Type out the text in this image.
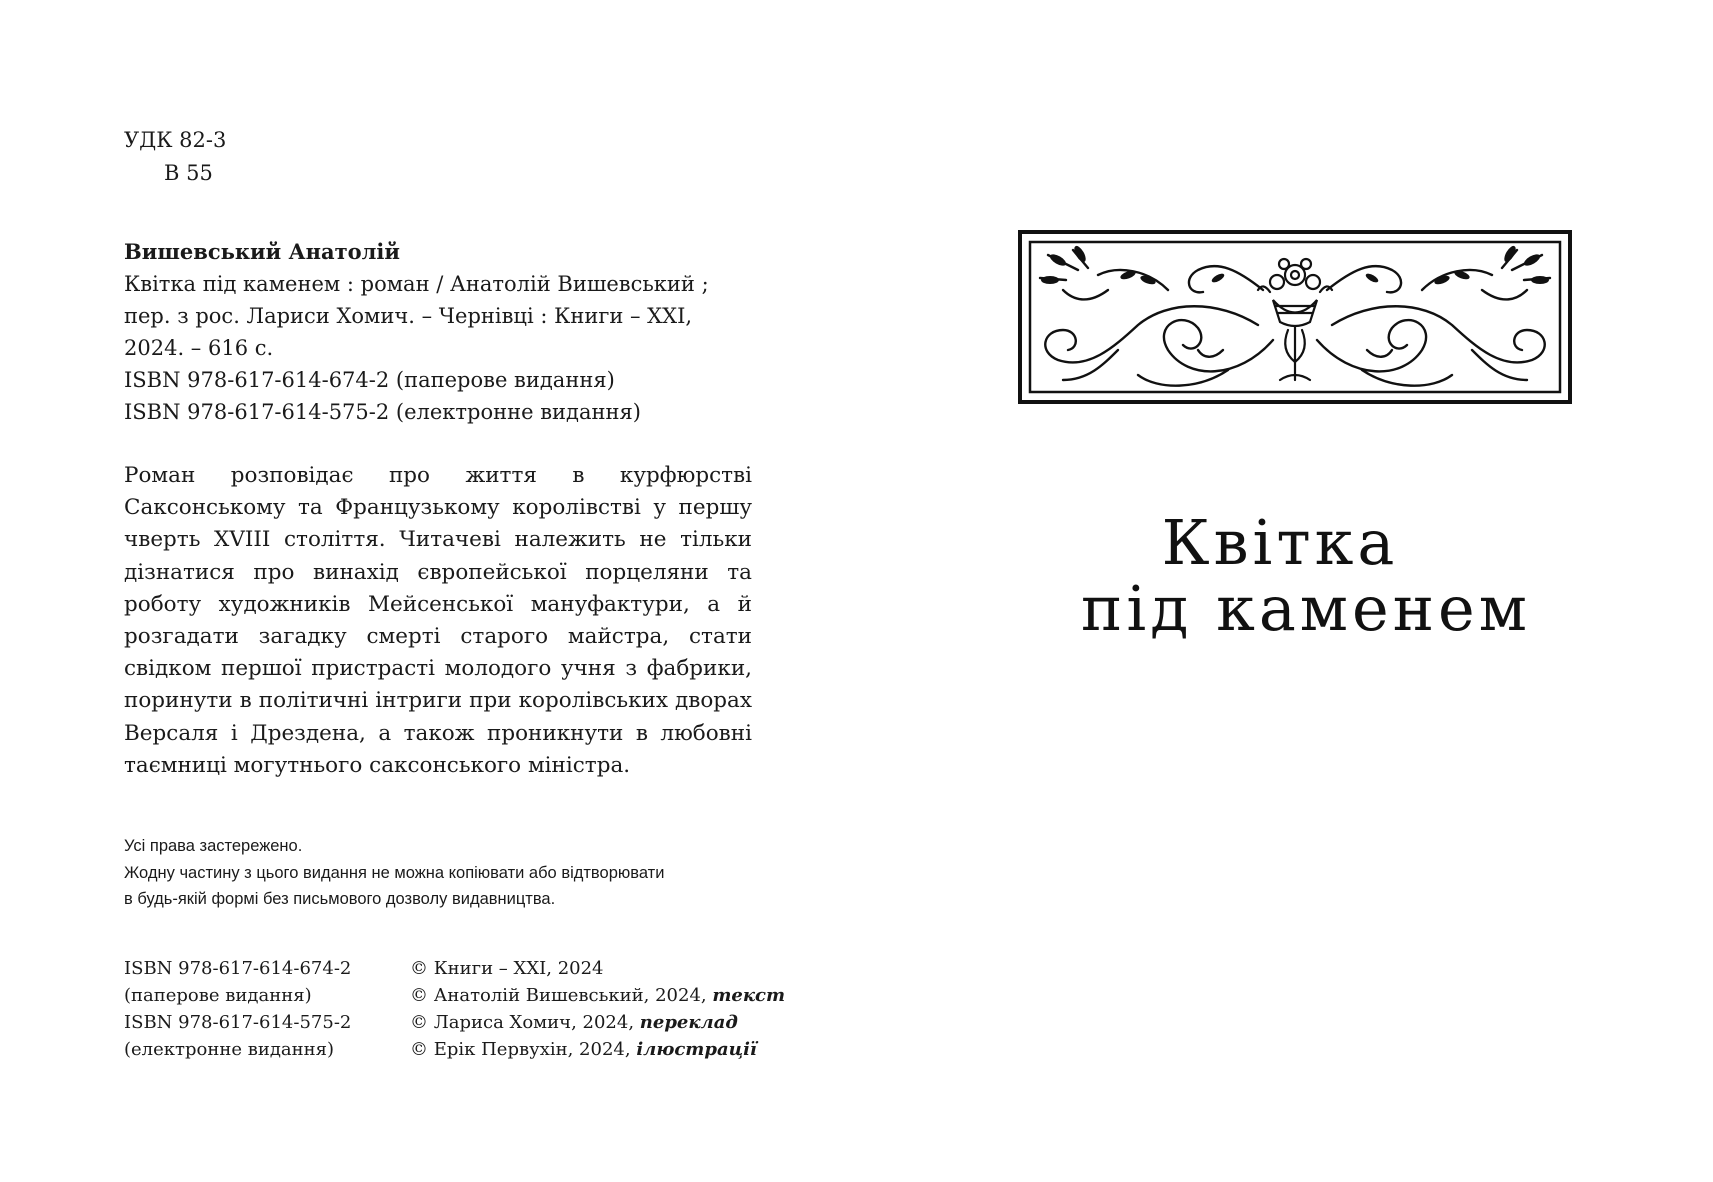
УДК 82-3
В 55
Вишевський Анатолій
Квітка під каменем : роман / Анатолій Вишевський ; пер. з рос. Лариси Хомич. – Чернівці : Книги – XXI, 2024. – 616 с.
ISBN 978-617-614-674-2 (паперове видання)
ISBN 978-617-614-575-2 (електронне видання)
Роман розповідає про життя в курфюрстві Саксонському та Французькому королівстві у першу чверть XVIII століття. Читачеві належить не тільки дізнатися про винахід європейської порцеляни та роботу художників Мейсенської мануфактури, а й розгадати загадку смерті старого майстра, стати свідком першої пристрасті молодого учня з фабрики, поринути в політичні інтриги при королівських дворах Версаля і Дрездена, а також проникнути в любовні таємниці могутнього саксонського міністра.
Усі права застережено.
Жодну частину з цього видання не можна копіювати або відтворювати
в будь-якій формі без письмового дозволу видавництва.
ISBN 978-617-614-674-2
(паперове видання)
ISBN 978-617-614-575-2
(електронне видання)
© Книги – XXI, 2024
© Анатолій Вишевський, 2024, текст
© Лариса Хомич, 2024, переклад
© Ерік Первухін, 2024, ілюстрації
Квітка
під каменем
